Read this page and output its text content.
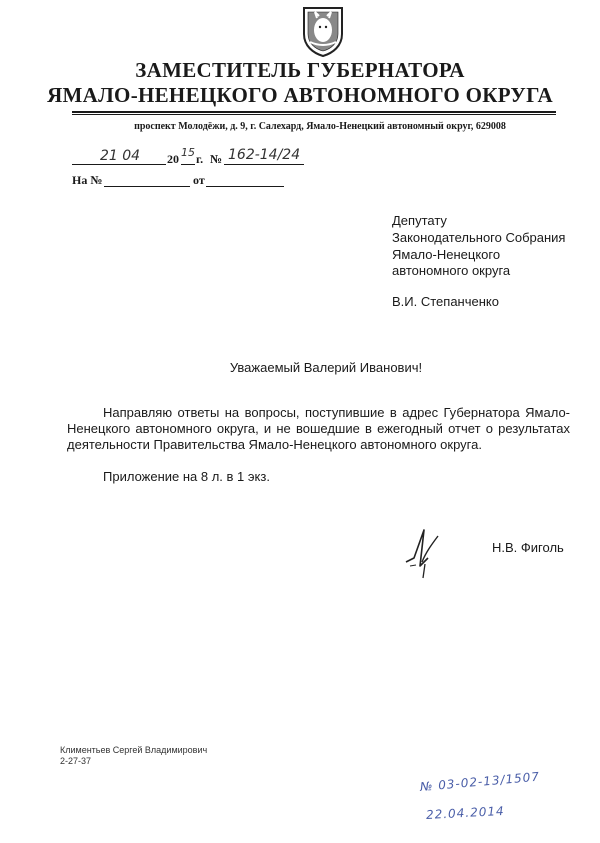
ЗАМЕСТИТЕЛЬ ГУБЕРНАТОРА
ЯМАЛО-НЕНЕЦКОГО АВТОНОМНОГО ОКРУГА
проспект Молодёжи, д. 9, г. Салехард, Ямало-Ненецкий автономный округ, 629008
21 04 20 15 г. № 162-14/24
На №	от
Депутату
Законодательного Собрания
Ямало-Ненецкого
автономного округа
В.И. Степанченко
Уважаемый Валерий Иванович!
Направляю ответы на вопросы, поступившие в адрес Губернатора Ямало-
Ненецкого автономного округа, и не вошедшие в ежегодный отчет о результатах
деятельности Правительства Ямало-Ненецкого автономного округа.
Приложение на 8 л. в 1 экз.
Н.В. Фиголь
Климентьев Сергей Владимирович
2-27-37
№ 03-02-13/1507
22.04.2014
